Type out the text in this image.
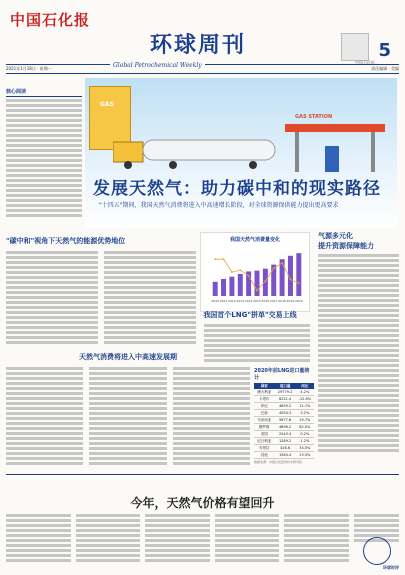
中国石化报
环球周刊
中国石化报
5
2021年1月18日 · 星期一	责任编辑 · 美编
Global Petrochemical Weekly
核心阅读
GAS
GAS STATION
发展天然气：助力碳中和的现实路径
"十四五"期间，我国天然气消费将进入中高速增长阶段，对全球资源保供能力提出更高要求
"碳中和"视角下天然气的能源优势地位	我国天然气消费量变化
2010 2011 2012 2013 2014 2015 2016 2017 2018 2019 2020
我国首个LNG"拼单"交易上线
气源多元化
提升资源保障能力
2020年前LNG进口量统计
国家	进口量	同比
澳大利亚	29779.2	4.2%
卡塔尔	8221.4	-12.6%
印尼	4859.2	11.7%
巴新	4054.3	3.2%
马来西亚	5877.6	19.7%
俄罗斯	4896.2	82.0%
美国	2543.4	0.2%
尼日利亚	1289.2	1.2%
安哥拉	426.6	34.5%
其他	1564.4	13.5%
数据来源：中国石化经济技术研究院
天然气消费将进入中高速发展期
今年，天然气价格有望回升
环球时评
